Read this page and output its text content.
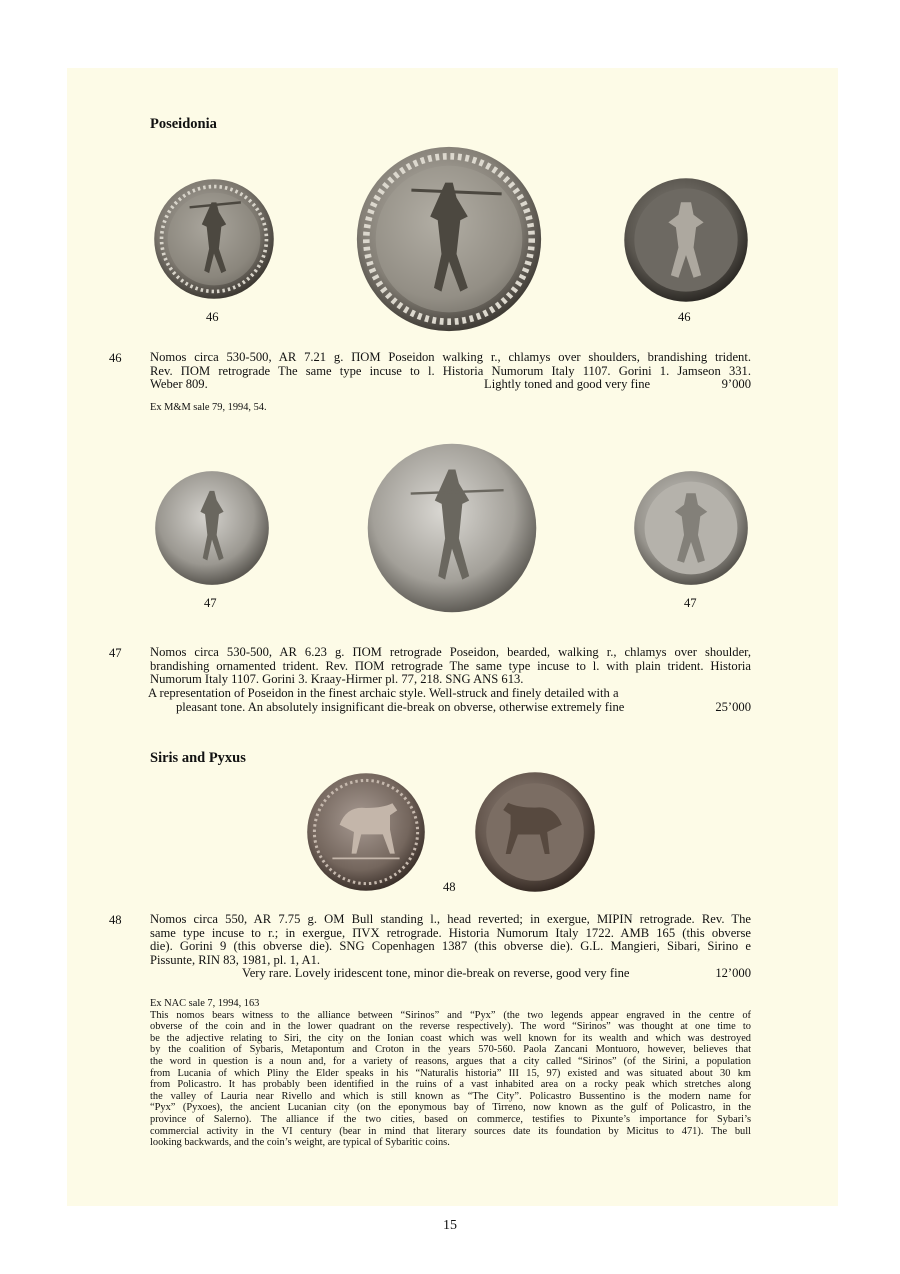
Poseidonia
46	46
46 Nomos circa 530-500, AR 7.21 g. ΠΟΜ Poseidon walking r., chlamys over shoulders, brandishing trident.
Rev. ΠΟΜ retrograde The same type incuse to l. Historia Numorum Italy 1107. Gorini 1. Jamseon 331.
Weber 809.	Lightly toned and good very fine	9’000
Ex M&M sale 79, 1994, 54.
47	47
47 Nomos circa 530-500, AR 6.23 g. ΠΟΜ retrograde Poseidon, bearded, walking r., chlamys over shoulder,
brandishing ornamented trident. Rev. ΠΟΜ retrograde The same type incuse to l. with plain trident. Historia
Numorum Italy 1107. Gorini 3. Kraay-Hirmer pl. 77, 218. SNG ANS 613.
A representation of Poseidon in the finest archaic style. Well-struck and finely detailed with a
pleasant tone. An absolutely insignificant die-break on obverse, otherwise extremely fine	25’000
Siris and Pyxus
48
48 Nomos circa 550, AR 7.75 g. OM Bull standing l., head reverted; in exergue, MIPIN retrograde. Rev. The
same type incuse to r.; in exergue, ΠVX retrograde. Historia Numorum Italy 1722. AMB 165 (this obverse
die). Gorini 9 (this obverse die). SNG Copenhagen 1387 (this obverse die). G.L. Mangieri, Sibari, Sirino e
Pissunte, RIN 83, 1981, pl. 1, A1.
Very rare. Lovely iridescent tone, minor die-break on reverse, good very fine	12’000
Ex NAC sale 7, 1994, 163
This nomos bears witness to the alliance between “Sirinos” and “Pyx” (the two legends appear engraved in the centre of
obverse of the coin and in the lower quadrant on the reverse respectively). The word “Sirinos” was thought at one time to
be the adjective relating to Siri, the city on the Ionian coast which was well known for its wealth and which was destroyed
by the coalition of Sybaris, Metapontum and Croton in the years 570-560. Paola Zancani Montuoro, however, believes that
the word in question is a noun and, for a variety of reasons, argues that a city called “Sirinos” (of the Sirini, a population
from Lucania of which Pliny the Elder speaks in his “Naturalis historia” III 15, 97) existed and was situated about 30 km
from Policastro. It has probably been identified in the ruins of a vast inhabited area on a rocky peak which stretches along
the valley of Lauria near Rivello and which is still known as “The City”. Policastro Bussentino is the modern name for
“Pyx” (Pyxoes), the ancient Lucanian city (on the eponymous bay of Tirreno, now known as the gulf of Policastro, in the
province of Salerno). The alliance if the two cities, based on commerce, testifies to Pixunte’s importance for Sybari’s
commercial activity in the VI century (bear in mind that literary sources date its foundation by Micitus to 471). The bull
looking backwards, and the coin’s weight, are typical of Sybaritic coins.
15
